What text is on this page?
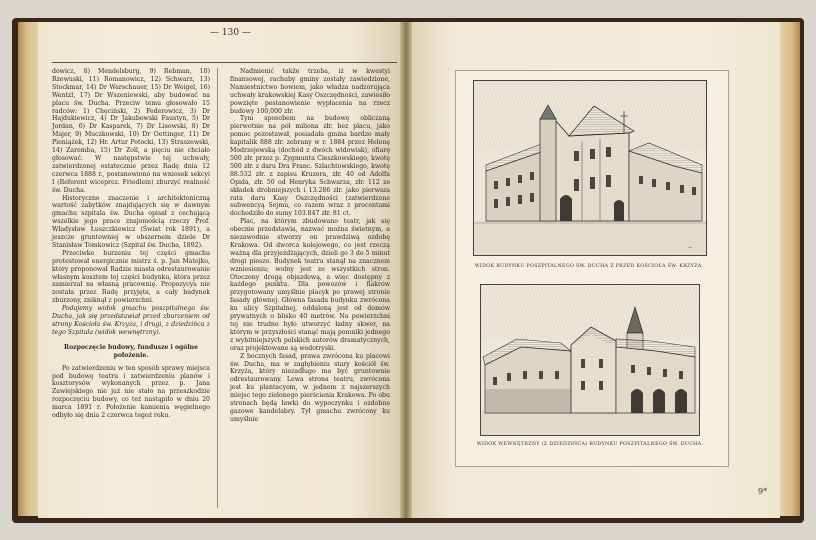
— 130 —

dowicz, 8) Mendelsburg, 9) Rebman, 10) Rzewuski, 11) Romanowicz, 12) Schwarz, 13) Stockmar, 14) Dr Warschauer, 15) Dr Weigel, 16) Wentzl, 17) Dr Wszeniewski, aby budować na placu św. Ducha. Przeciw temu głosowało 15 radców: 1) Chęciński, 2) Federowicz, 3) Dr Hajdukiewicz, 4) Dr Jakubowski Faustyn, 5) Dr Jordan, 6) Dr Kasparek, 7) Dr Lisowski, 8) Dr Majer, 9) Muczkowski, 10) Dr Oettinger, 11) Dr Pieniążek, 12) Hr. Artur Potocki, 13) Straszewski, 14) Zaremba, 15) Dr Zoll, a pięciu nie chciało głosować. W następstwie tej uchwały, zatwierdzonej ostatecznie przez Radę dnia 12 czerwca 1888 r., postanowiono na wniosek sekcyi I (Referent wiceprez. Friedlein) zburzyć realność św. Ducha.

Historyczne znaczenie i architektoniczną wartość zabytków znajdujących się w dawnym gmachu szpitala św. Ducha opisał z cechującą wszelkie jego prace znajomością rzeczy Prof. Władysław Łuszczkiewicz (Świat rok 1891), a jeszcze gruntowniej w obszernem dziele Dr Stanisław Tomkowicz (Szpital św. Ducha, 1892).

Przeciwko burzeniu tej części gmachu protestował energicznie mistrz ś. p. Jan Matejko, który proponował Radzie miasta odrestaurowanie własnym kosztem tej części budynku, która przez zamierzał na własną pracownię. Propozycya nie została przez Radę przyjęta, a cały budynek zburzony, zniknął z powierzchni.

Podajemy widok gmachu poszpitalnego św. Ducha, jak się przedstawiał przed zburzeniem od strony Kościoła św. Krzyża, i drugi, z dziedzińca z tego Szpitala (widok wewnętrzny).

Rozpoczęcie budowy, fundusze i ogólne położenie.

Po zatwierdzeniu w ten sposób sprawy miejsca pod budowę teatru i zatwierdzeniu planów i kosztorysów wykonanych przez p. Jana Zawiejskiego nie już nie stało na przeszkodzie rozpoczęciu budowy, co też nastąpiło w dniu 20 marca 1891 r. Położenie kamienia węgielnego odbyło się dnia 2 czerwca tegoż roku.

Nadmienić także trzeba, iż w kwestyi finansowej, rachuby gminy zostały zawiedzione, Namiestnictwo bowiem, jako władza nadzorująca uchwały krakowskiej Kasy Oszczędności, zawiesiło powzięte postanowienie wypłacenia na rzecz budowy 100,000 złr.

Tym sposobem na budowę obliczaną pierwotnie na pół miliona złr. bez placu, jako pomoc pozostawał, posiadała gmina bardzo mały kapitalik 888 złr. zebrany w r. 1884 przez Helenę Modrzejewską (dochód z dwóch widowisk), ofiarę 500 złr. przez p. Zygmunta Cieszkowskiego, kwotę 500 złr. z daru Dra Franc. Szlachtowskiego, kwotę 88.532 złr. z zapisu Kruzera, złr. 40 od Adolfa Opida, złr. 50 od Henryka Schwarza, złr. 112 ze składek drobniejszych i 13.286 złr. jako pierwsza rata daru Kasy Oszczędności (zatwierdzone subwencyą Sejmu, co razem wraz z procentami dochodziło do sumy 103.847 złr. 81 ct.

Plac, na którym zbudowano teatr, jak się obecnie przedstawia, nazwać można świetnym, a niezawodnie stworzy on prawdziwą ozdobę Krakowa. Od dworca kolejowego, co jest rzeczą ważną dla przyjeżdżających, dzieli go 3 do 5 minut drogi pieszo. Budynek teatru stanął na znacznem wzniesieniu; wolny jest ze wszystkich stron. Otoczony drogą objazdową, a więc dostępny z każdego punktu. Dla powozów i fiakrów przygotowany umyślnie placyk po prawej stronie fasady głównej. Główna fasada budynku zwrócona ku ulicy Szpitalnej, oddaloną jest od domów prywatnych o blisko 40 metrów. Na powierzchni tej nie trudno było utworzyć ładny skwer, na którym w przyszłości stanąć mają pomniki jednego z wybitniejszych polskich autorów dramatycznych, oraz projektowane są wodotryski.

Z bocznych fasad, prawa zwrócona ku placowi św. Ducha, ma w zagłębieniu stary kościół św. Krzyża, który niezadługo ma być gruntownie odrestaurowany. Lewa strona teatru, zwrócona jest ku plantacyom, w jednem z najszerszych miejsc tego zielonego pierścienia Krakowa. Po obu stronach będą ławki do wypoczynku i ozdobne gazowe kandelabry. Tył gmachu zwrócony ku umyślnie

~
WIDOK BUDYNKU POSZPITALNEGO ŚW. DUCHA Z PRZED KOŚCIOŁA ŚW. KRZYŻA.
WIDOK WEWNĘTRZNY (Z DZIEDZIŃCA) BUDYNKU POSZPITALNEGO ŚW. DUCHA.
9*
